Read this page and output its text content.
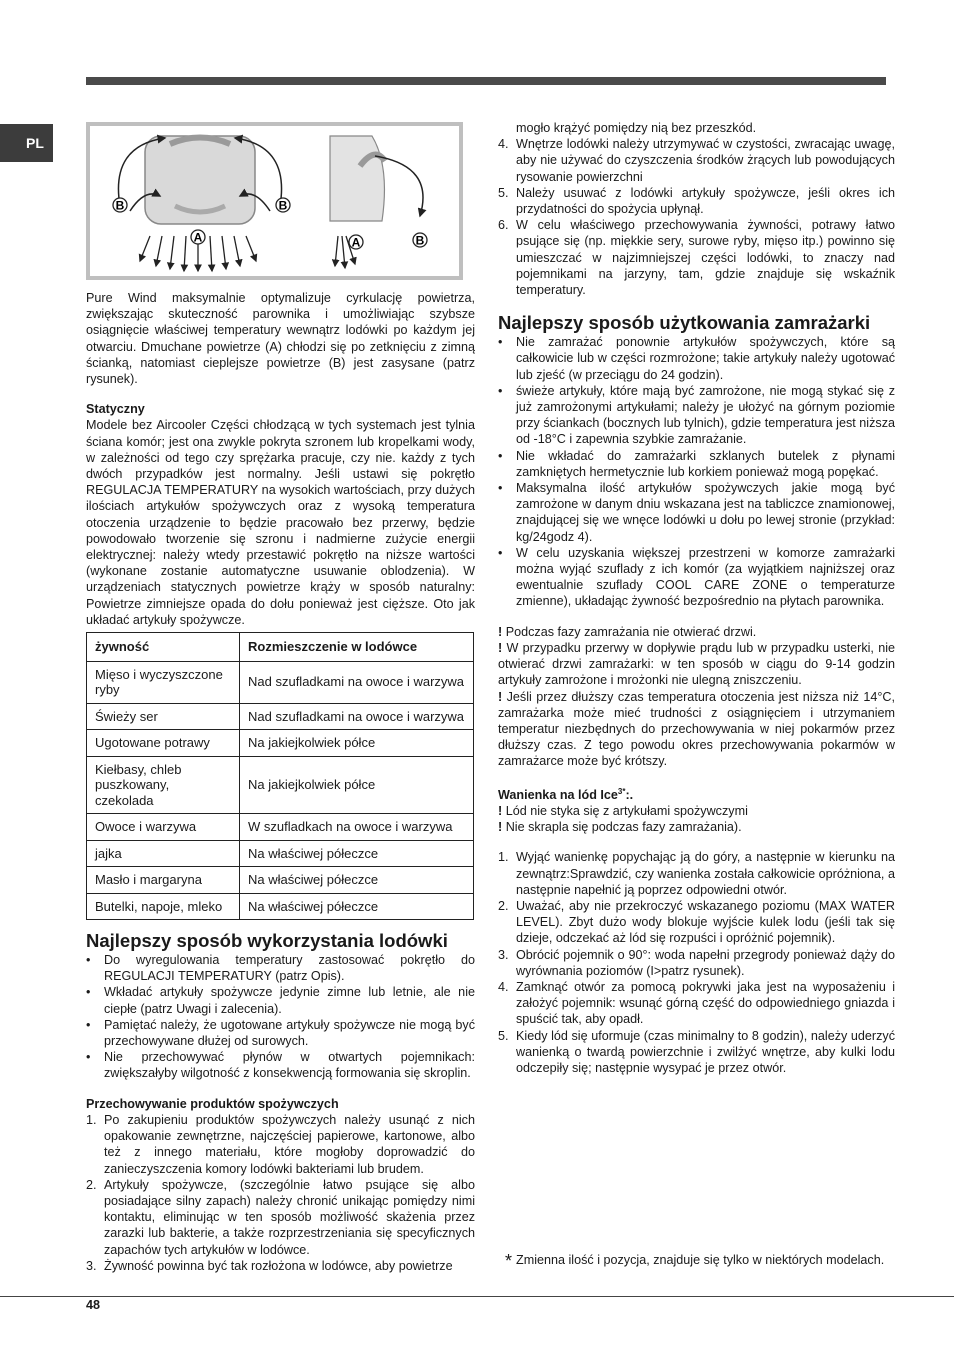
PL
B	B
A	A	B

Pure Wind maksymalnie optymalizuje cyrkulację powietrza, zwiększając skuteczność parownika i umożliwiając szybsze osiągnięcie właściwej temperatury wewnątrz lodówki po każdym jej otwarciu. Dmuchane powietrze (A) chłodzi się po zetknięciu z zimną ścianką, natomiast cieplejsze powietrze (B) jest zasysane (patrz rysunek).

Statyczny

Modele bez Aircooler Części chłodzącą w tych systemach jest tylnia ściana komór; jest ona zwykle pokryta szronem lub kropelkami wody, w zależności od tego czy sprężarka pracuje, czy nie. każdy z tych dwóch przypadków jest normalny. Jeśli ustawi się pokrętło REGULACJA TEMPERATURY na wysokich wartościach, przy dużych ilościach artykułów spożywczych oraz z wysoką temperatura otoczenia urządzenie to będzie pracowało bez przerwy, będzie powodowało tworzenie się szronu i nadmierne zużycie energii elektrycznej: należy wtedy przestawić pokrętło na niższe wartości (wykonane zostanie automatyczne usuwanie oblodzenia). W urządzeniach statycznych powietrze krąży w sposób naturalny: Powietrze zimniejsze opada do dołu ponieważ jest cięższe. Oto jak układać artykuły spożywcze.

żywność	Rozmieszczenie w lodówce
Mięso i wyczyszczone ryby	Nad szufladkami na owoce i warzywa
Świeży ser	Nad szufladkami na owoce i warzywa
Ugotowane potrawy	Na jakiejkolwiek półce
Kiełbasy, chleb puszkowany, czekolada	Na jakiejkolwiek półce
Owoce i warzywa	W szufladkach na owoce i warzywa
jajka	Na właściwej półeczce
Masło i margaryna	Na właściwej półeczce
Butelki, napoje, mleko	Na właściwej półeczce
Najlepszy sposób wykorzystania lodówki
• Do wyregulowania temperatury zastosować pokrętło do REGULACJI TEMPERATURY (patrz Opis).
• Wkładać artykuły spożywcze jedynie zimne lub letnie, ale nie ciepłe (patrz Uwagi i zalecenia).
• Pamiętać należy, że ugotowane artykuły spożywcze nie mogą być przechowywane dłużej od surowych.
• Nie przechowywać płynów w otwartych pojemnikach: zwiększałyby wilgotność z konsekwencją formowania się skroplin.
Przechowywanie produktów spożywczych
1. Po zakupieniu produktów spożywczych należy usunąć z nich opakowanie zewnętrzne, najczęściej papierowe, kartonowe, albo też z innego materiału, które mogłoby doprowadzić do zanieczyszczenia komory lodówki bakteriami lub brudem.
2. Artykuły spożywcze, (szczególnie łatwo psujące się albo posiadające silny zapach) należy chronić unikając pomiędzy nimi kontaktu, eliminując w ten sposób możliwość skażenia przez zarazki lub bakterie, a także rozprzestrzeniania się specyficznych zapachów tych artykułów w lodówce.
3. Żywność powinna być tak rozłożona w lodówce, aby powietrze
mogło krążyć pomiędzy nią bez przeszkód.
4. Wnętrze lodówki należy utrzymywać w czystości, zwracając uwagę, aby nie używać do czyszczenia środków żrących lub powodujących rysowanie powierzchni
5. Należy usuwać z lodówki artykuły spożywcze, jeśli okres ich przydatności do spożycia upłynął.
6. W celu właściwego przechowywania żywności, potrawy łatwo psujące się (np. miękkie sery, surowe ryby, mięso itp.) powinno się umieszczać w najzimniejszej części lodówki, to znaczy nad pojemnikami na jarzyny, tam, gdzie znajduje się wskaźnik temperatury.
Najlepszy sposób użytkowania zamrażarki
• Nie zamrażać ponownie artykułów spożywczych, które są całkowicie lub w części rozmrożone; takie artykuły należy ugotować lub zjeść (w przeciągu do 24 godzin).
• świeże artykuły, które mają być zamrożone, nie mogą stykać się z już zamrożonymi artykułami; należy je ułożyć na górnym poziomie przy ściankach (bocznych lub tylnich), gdzie temperatura jest niższa od -18°C i zapewnia szybkie zamrażanie.
• Nie wkładać do zamrażarki szklanych butelek z płynami zamkniętych hermetycznie lub korkiem ponieważ mogą popękać.
• Maksymalna ilość artykułów spożywczych jakie mogą być zamrożone w danym dniu wskazana jest na tabliczce znamionowej, znajdującej się we wnęce lodówki u dołu po lewej stronie (przykład: kg/24godz 4).
• W celu uzyskania większej przestrzeni w komorze zamrażarki można wyjąć szuflady z ich komór (za wyjątkiem najniższej oraz ewentualnie szuflady COOL CARE ZONE o temperaturze zmienne), układając żywność bezpośrednio na płytach parownika.

! Podczas fazy zamrażania nie otwierać drzwi.

! W przypadku przerwy w dopływie prądu lub w przypadku usterki, nie otwierać drzwi zamrażarki: w ten sposób w ciągu do 9-14 godzin artykuły zamrożone i mrożonki nie ulegną zniszczeniu.

! Jeśli przez dłuższy czas temperatura otoczenia jest niższa niż 14°C, zamrażarka może mieć trudności z osiągnięciem i utrzymaniem temperatur niezbędnych do przechowywania w niej pokarmów przez dłuższy czas. Z tego powodu okres przechowywania pokarmów w zamrażarce może być krótszy.

Wanienka na lód Ice$^{3*}$:.

! Lód nie styka się z artykułami spożywczymi

! Nie skrapla się podczas fazy zamrażania).

1. Wyjąć wanienkę popychając ją do góry, a następnie w kierunku na zewnątrz:Sprawdzić, czy wanienka została całkowicie opróżniona, a następnie napełnić ją poprzez odpowiedni otwór.
2. Uważać, aby nie przekroczyć wskazanego poziomu (MAX WATER LEVEL). Zbyt dużo wody blokuje wyjście kulek lodu (jeśli tak się dzieje, odczekać aż lód się rozpuści i opróżnić pojemnik).
3. Obrócić pojemnik o 90°: woda napełni przegrody ponieważ dąży do wyrównania poziomów (I>patrz rysunek).
4. Zamknąć otwór za pomocą pokrywki jaka jest na wyposażeniu i założyć pojemnik: wsunąć górną część do odpowiedniego gniazda i spuścić tak, aby opadł.
5. Kiedy lód się uformuje (czas minimalny to 8 godzin), należy uderzyć wanienką o twardą powierzchnie i zwilżyć wnętrze, aby kulki lodu odczepiły się; następnie wysypać je przez otwór.
* Zmienna ilość i pozycja, znajduje się tylko w niektórych modelach.
48
